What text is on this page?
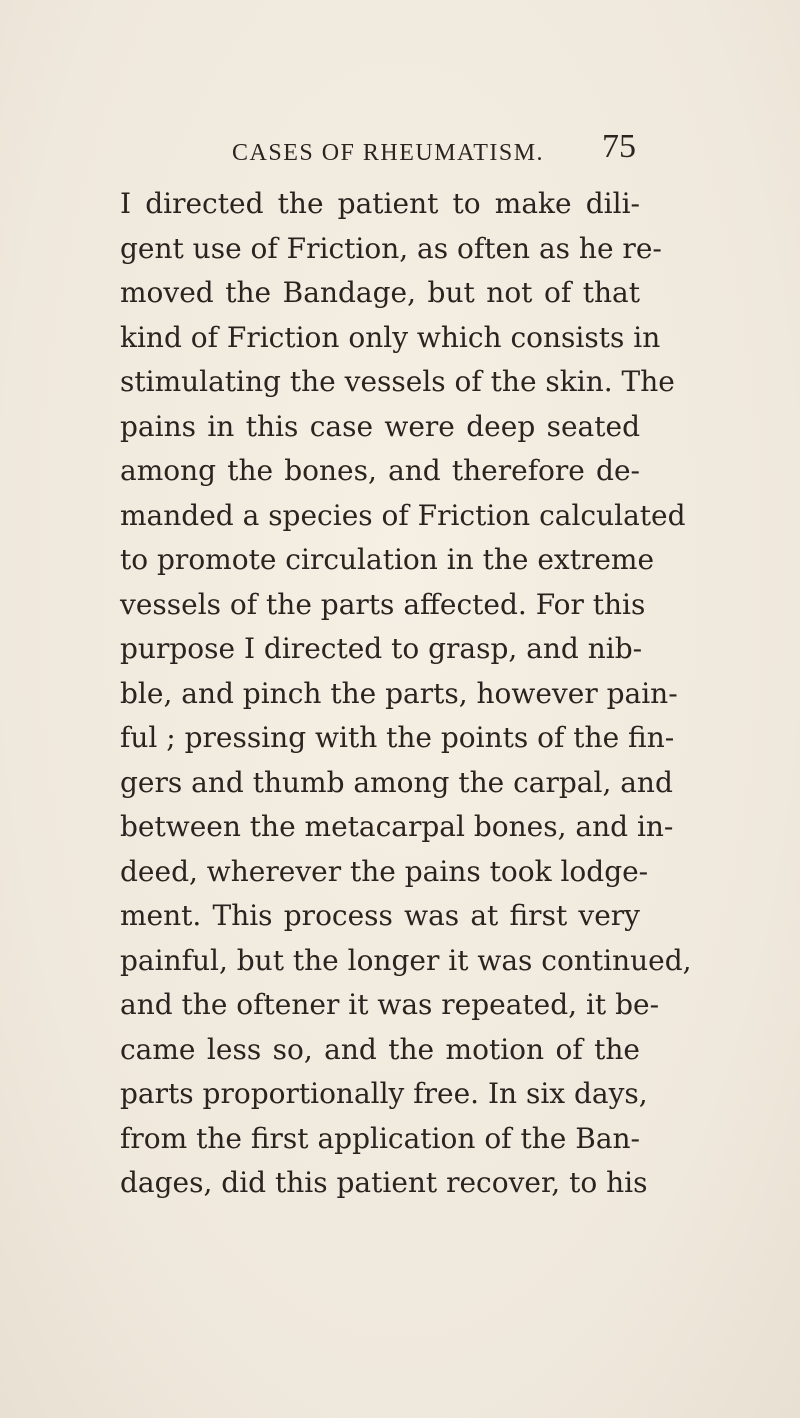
CASES OF RHEUMATISM. 75
I directed the patient to make dili-
gent use of Friction, as often as he re-
moved the Bandage, but not of that
kind of Friction only which consists in
stimulating the vessels of the skin. The
pains in this case were deep seated
among the bones, and therefore de-
manded a species of Friction calculated
to promote circulation in the extreme
vessels of the parts affected. For this
purpose I directed to grasp, and nib-
ble, and pinch the parts, however pain-
ful ; pressing with the points of the fin-
gers and thumb among the carpal, and
between the metacarpal bones, and in-
deed, wherever the pains took lodge-
ment. This process was at first very
painful, but the longer it was continued,
and the oftener it was repeated, it be-
came less so, and the motion of the
parts proportionally free. In six days,
from the first application of the Ban-
dages, did this patient recover, to his
